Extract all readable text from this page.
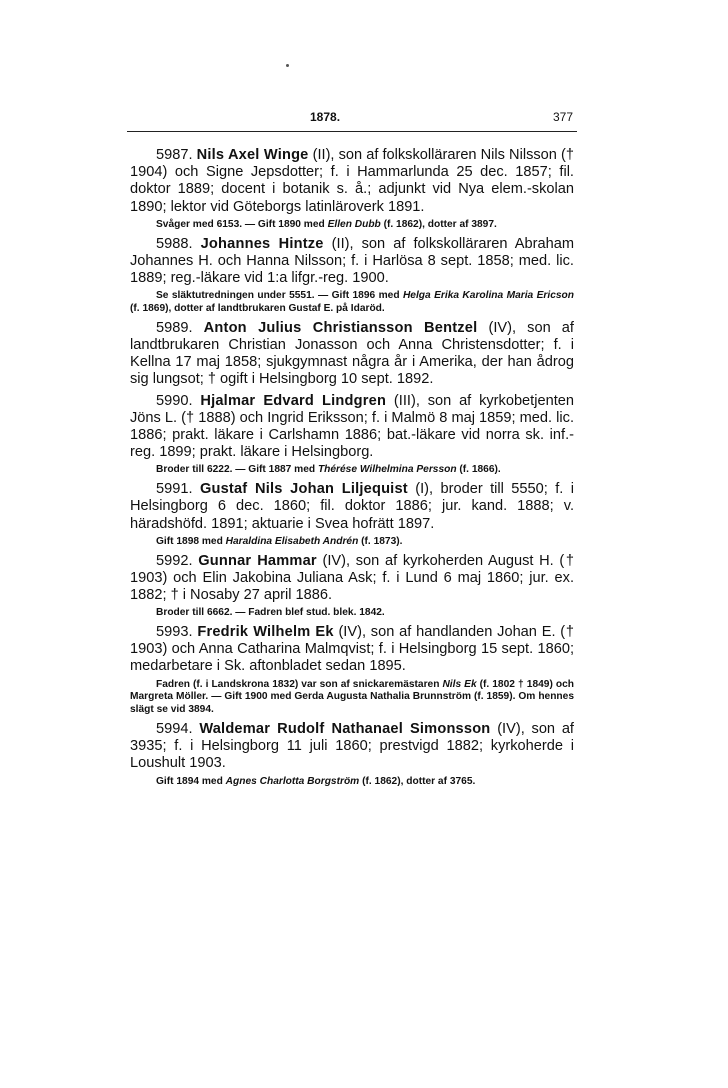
1878.	377

5987. Nils Axel Winge (II), son af folkskolläraren Nils Nilsson († 1904) och Signe Jepsdotter; f. i Hammarlunda 25 dec. 1857; fil. doktor 1889; docent i botanik s. å.; adjunkt vid Nya elem.-skolan 1890; lektor vid Göteborgs latinläroverk 1891.

Svåger med 6153. — Gift 1890 med Ellen Dubb (f. 1862), dotter af 3897.

5988. Johannes Hintze (II), son af folkskolläraren Abraham Johannes H. och Hanna Nilsson; f. i Harlösa 8 sept. 1858; med. lic. 1889; reg.-läkare vid 1:a lifgr.-reg. 1900.

Se släktutredningen under 5551. — Gift 1896 med Helga Erika Karolina Maria Ericson (f. 1869), dotter af landtbrukaren Gustaf E. på Idaröd.

5989. Anton Julius Christiansson Bentzel (IV), son af landtbrukaren Christian Jonasson och Anna Christensdotter; f. i Kellna 17 maj 1858; sjukgymnast några år i Amerika, der han ådrog sig lungsot; † ogift i Helsingborg 10 sept. 1892.

5990. Hjalmar Edvard Lindgren (III), son af kyrkobetjenten Jöns L. († 1888) och Ingrid Eriksson; f. i Malmö 8 maj 1859; med. lic. 1886; prakt. läkare i Carlshamn 1886; bat.-läkare vid norra sk. inf.-reg. 1899; prakt. läkare i Helsingborg.

Broder till 6222. — Gift 1887 med Thérése Wilhelmina Persson (f. 1866).

5991. Gustaf Nils Johan Liljequist (I), broder till 5550; f. i Helsingborg 6 dec. 1860; fil. doktor 1886; jur. kand. 1888; v. häradshöfd. 1891; aktuarie i Svea hofrätt 1897.

Gift 1898 med Haraldina Elisabeth Andrén (f. 1873).

5992. Gunnar Hammar (IV), son af kyrkoherden August H. († 1903) och Elin Jakobina Juliana Ask; f. i Lund 6 maj 1860; jur. ex. 1882; † i Nosaby 27 april 1886.

Broder till 6662. — Fadren blef stud. blek. 1842.

5993. Fredrik Wilhelm Ek (IV), son af handlanden Johan E. († 1903) och Anna Catharina Malmqvist; f. i Helsingborg 15 sept. 1860; medarbetare i Sk. aftonbladet sedan 1895.

Fadren (f. i Landskrona 1832) var son af snickaremästaren Nils Ek (f. 1802 † 1849) och Margreta Möller. — Gift 1900 med Gerda Augusta Nathalia Brunnström (f. 1859). Om hennes slägt se vid 3894.

5994. Waldemar Rudolf Nathanael Simonsson (IV), son af 3935; f. i Helsingborg 11 juli 1860; prestvigd 1882; kyrkoherde i Loushult 1903.

Gift 1894 med Agnes Charlotta Borgström (f. 1862), dotter af 3765.
